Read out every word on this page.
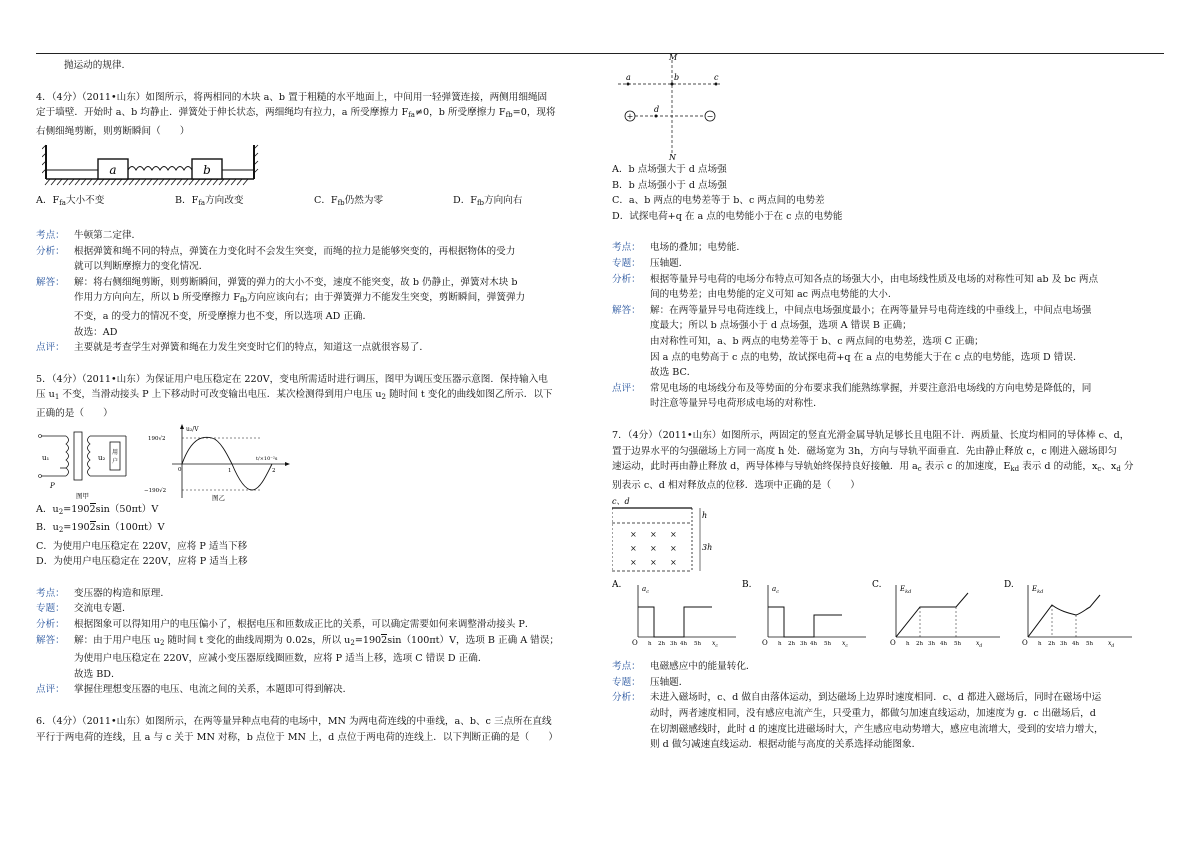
抛运动的规律.

4．（4分）（2011•山东）如图所示，将两相同的木块 a、b 置于粗糙的水平地面上，中间用一轻弹簧连接，两侧用细绳固

定于墙壁．开始时 a、b 均静止．弹簧处于伸长状态，两细绳均有拉力，a 所受摩擦力 $F_{fa}\ne 0$，b 所受摩擦力 $F_{fb}=0$，现将

右侧细绳剪断，则剪断瞬间（　　）

a	b
A．$F_{fa}$大小不变	B．$F_{fa}$方向改变	C．$F_{fb}$仍然为零	D．$F_{fb}$方向向右
考点： 牛顿第二定律．
分析： 根据弹簧和绳不同的特点，弹簧在力变化时不会发生突变，而绳的拉力是能够突变的，再根据物体的受力

就可以判断摩擦力的变化情况．

解答： 解：将右侧细绳剪断，则剪断瞬间，弹簧的弹力的大小不变，速度不能突变，故 b 仍静止，弹簧对木块 b

作用力方向向左，所以 b 所受摩擦力 $F_{fb}$方向应该向右；由于弹簧弹力不能发生突变，剪断瞬间，弹簧弹力

不变，a 的受力的情况不变，所受摩擦力也不变，所以选项 AD 正确．

故选：AD

点评： 主要就是考查学生对弹簧和绳在力发生突变时它们的特点，知道这一点就很容易了．

5．（4分）（2011•山东）为保证用户电压稳定在 220V，变电所需适时进行调压，图甲为调压变压器示意图．保持输入电

压 $u_1$ 不变，当滑动接头 P 上下移动时可改变输出电压．某次检测得到用户电压 $u_2$ 随时间 t 变化的曲线如图乙所示．以下

正确的是（　　）

u₁
用
户
u₂
P
图甲
u₂/V
190√2
−190√2
0	1	2
t/×10⁻²s
图乙

A．$u_2=1902\sin(50\pi t)V$

B．$u_2=1902\sin(100\pi t)V$

C．为使用户电压稳定在 220V，应将 P 适当下移

D．为使用户电压稳定在 220V，应将 P 适当上移

考点： 变压器的构造和原理．
专题： 交流电专题．
分析： 根据图象可以得知用户的电压偏小了，根据电压和匝数成正比的关系，可以确定需要如何来调整滑动接头 P．
解答： 解：由于用户电压 $u_2$ 随时间 t 变化的曲线周期为 0.02s，所以 $u_2=1902\sin(100\pi t)V$，选项 B 正确 A 错误；

为使用户电压稳定在 220V，应减小变压器原线圈匝数，应将 P 适当上移，选项 C 错误 D 正确．

故选 BD．

点评： 掌握住理想变压器的电压、电流之间的关系，本题即可得到解决．

6．（4分）（2011•山东）如图所示，在两等量异种点电荷的电场中，MN 为两电荷连线的中垂线，a、b、c 三点所在直线

平行于两电荷的连线，且 a 与 c 关于 MN 对称，b 点位于 MN 上，d 点位于两电荷的连线上．以下判断正确的是（　　）

M
N
a	b	c
+	−
d

A．b 点场强大于 d 点场强

B．b 点场强小于 d 点场强

C．a、b 两点的电势差等于 b、c 两点间的电势差

D．试探电荷+q 在 a 点的电势能小于在 c 点的电势能

考点： 电场的叠加；电势能．
专题： 压轴题．
分析： 根据等量异号电荷的电场分布特点可知各点的场强大小，由电场线性质及电场的对称性可知 ab 及 bc 两点

间的电势差；由电势能的定义可知 ac 两点电势能的大小．

解答： 解：在两等量异号电荷连线上，中间点电场强度最小；在两等量异号电荷连线的中垂线上，中间点电场强

度最大；所以 b 点场强小于 d 点场强，选项 A 错误 B 正确；

由对称性可知，a、b 两点的电势差等于 b、c 两点间的电势差，选项 C 正确；

因 a 点的电势高于 c 点的电势，故试探电荷+q 在 a 点的电势能大于在 c 点的电势能，选项 D 错误．

故选 BC．

点评： 常见电场的电场线分布及等势面的分布要求我们能熟练掌握，并要注意沿电场线的方向电势是降低的，同

时注意等量异号电荷形成电场的对称性．

7．（4分）（2011•山东）如图所示，两固定的竖直光滑金属导轨足够长且电阻不计．两质量、长度均相同的导体棒 c、d，

置于边界水平的匀强磁场上方同一高度 h 处．磁场宽为 3h，方向与导轨平面垂直．先由静止释放 c，c 刚进入磁场即匀

速运动，此时再由静止释放 d，两导体棒与导轨始终保持良好接触．用 $a_c$ 表示 c 的加速度，$E_{kd}$ 表示 d 的动能，$x_c$、$x_d$ 分

别表示 c、d 相对释放点的位移．选项中正确的是（　　）

c、d
h
3h
× × ×
× × ×
× × ×
A.	$a_c$
O h 2h 3h 4h 5h $x_c$
B.	$a_c$
O h 2h 3h 4h 5h $x_c$
C.	$E_{kd}$
O h 2h 3h 4h 5h $x_d$
D.	$E_{kd}$
O h 2h 3h 4h 5h $x_d$
考点： 电磁感应中的能量转化．
专题： 压轴题．
分析： 未进入磁场时，c、d 做自由落体运动，到达磁场上边界时速度相同．c、d 都进入磁场后，同时在磁场中运

动时，两者速度相同，没有感应电流产生，只受重力，都做匀加速直线运动，加速度为 g．c 出磁场后，d

在切割磁感线时，此时 d 的速度比进磁场时大，产生感应电动势增大，感应电流增大，受到的安培力增大，

则 d 做匀减速直线运动．根据动能与高度的关系选择动能图象．
